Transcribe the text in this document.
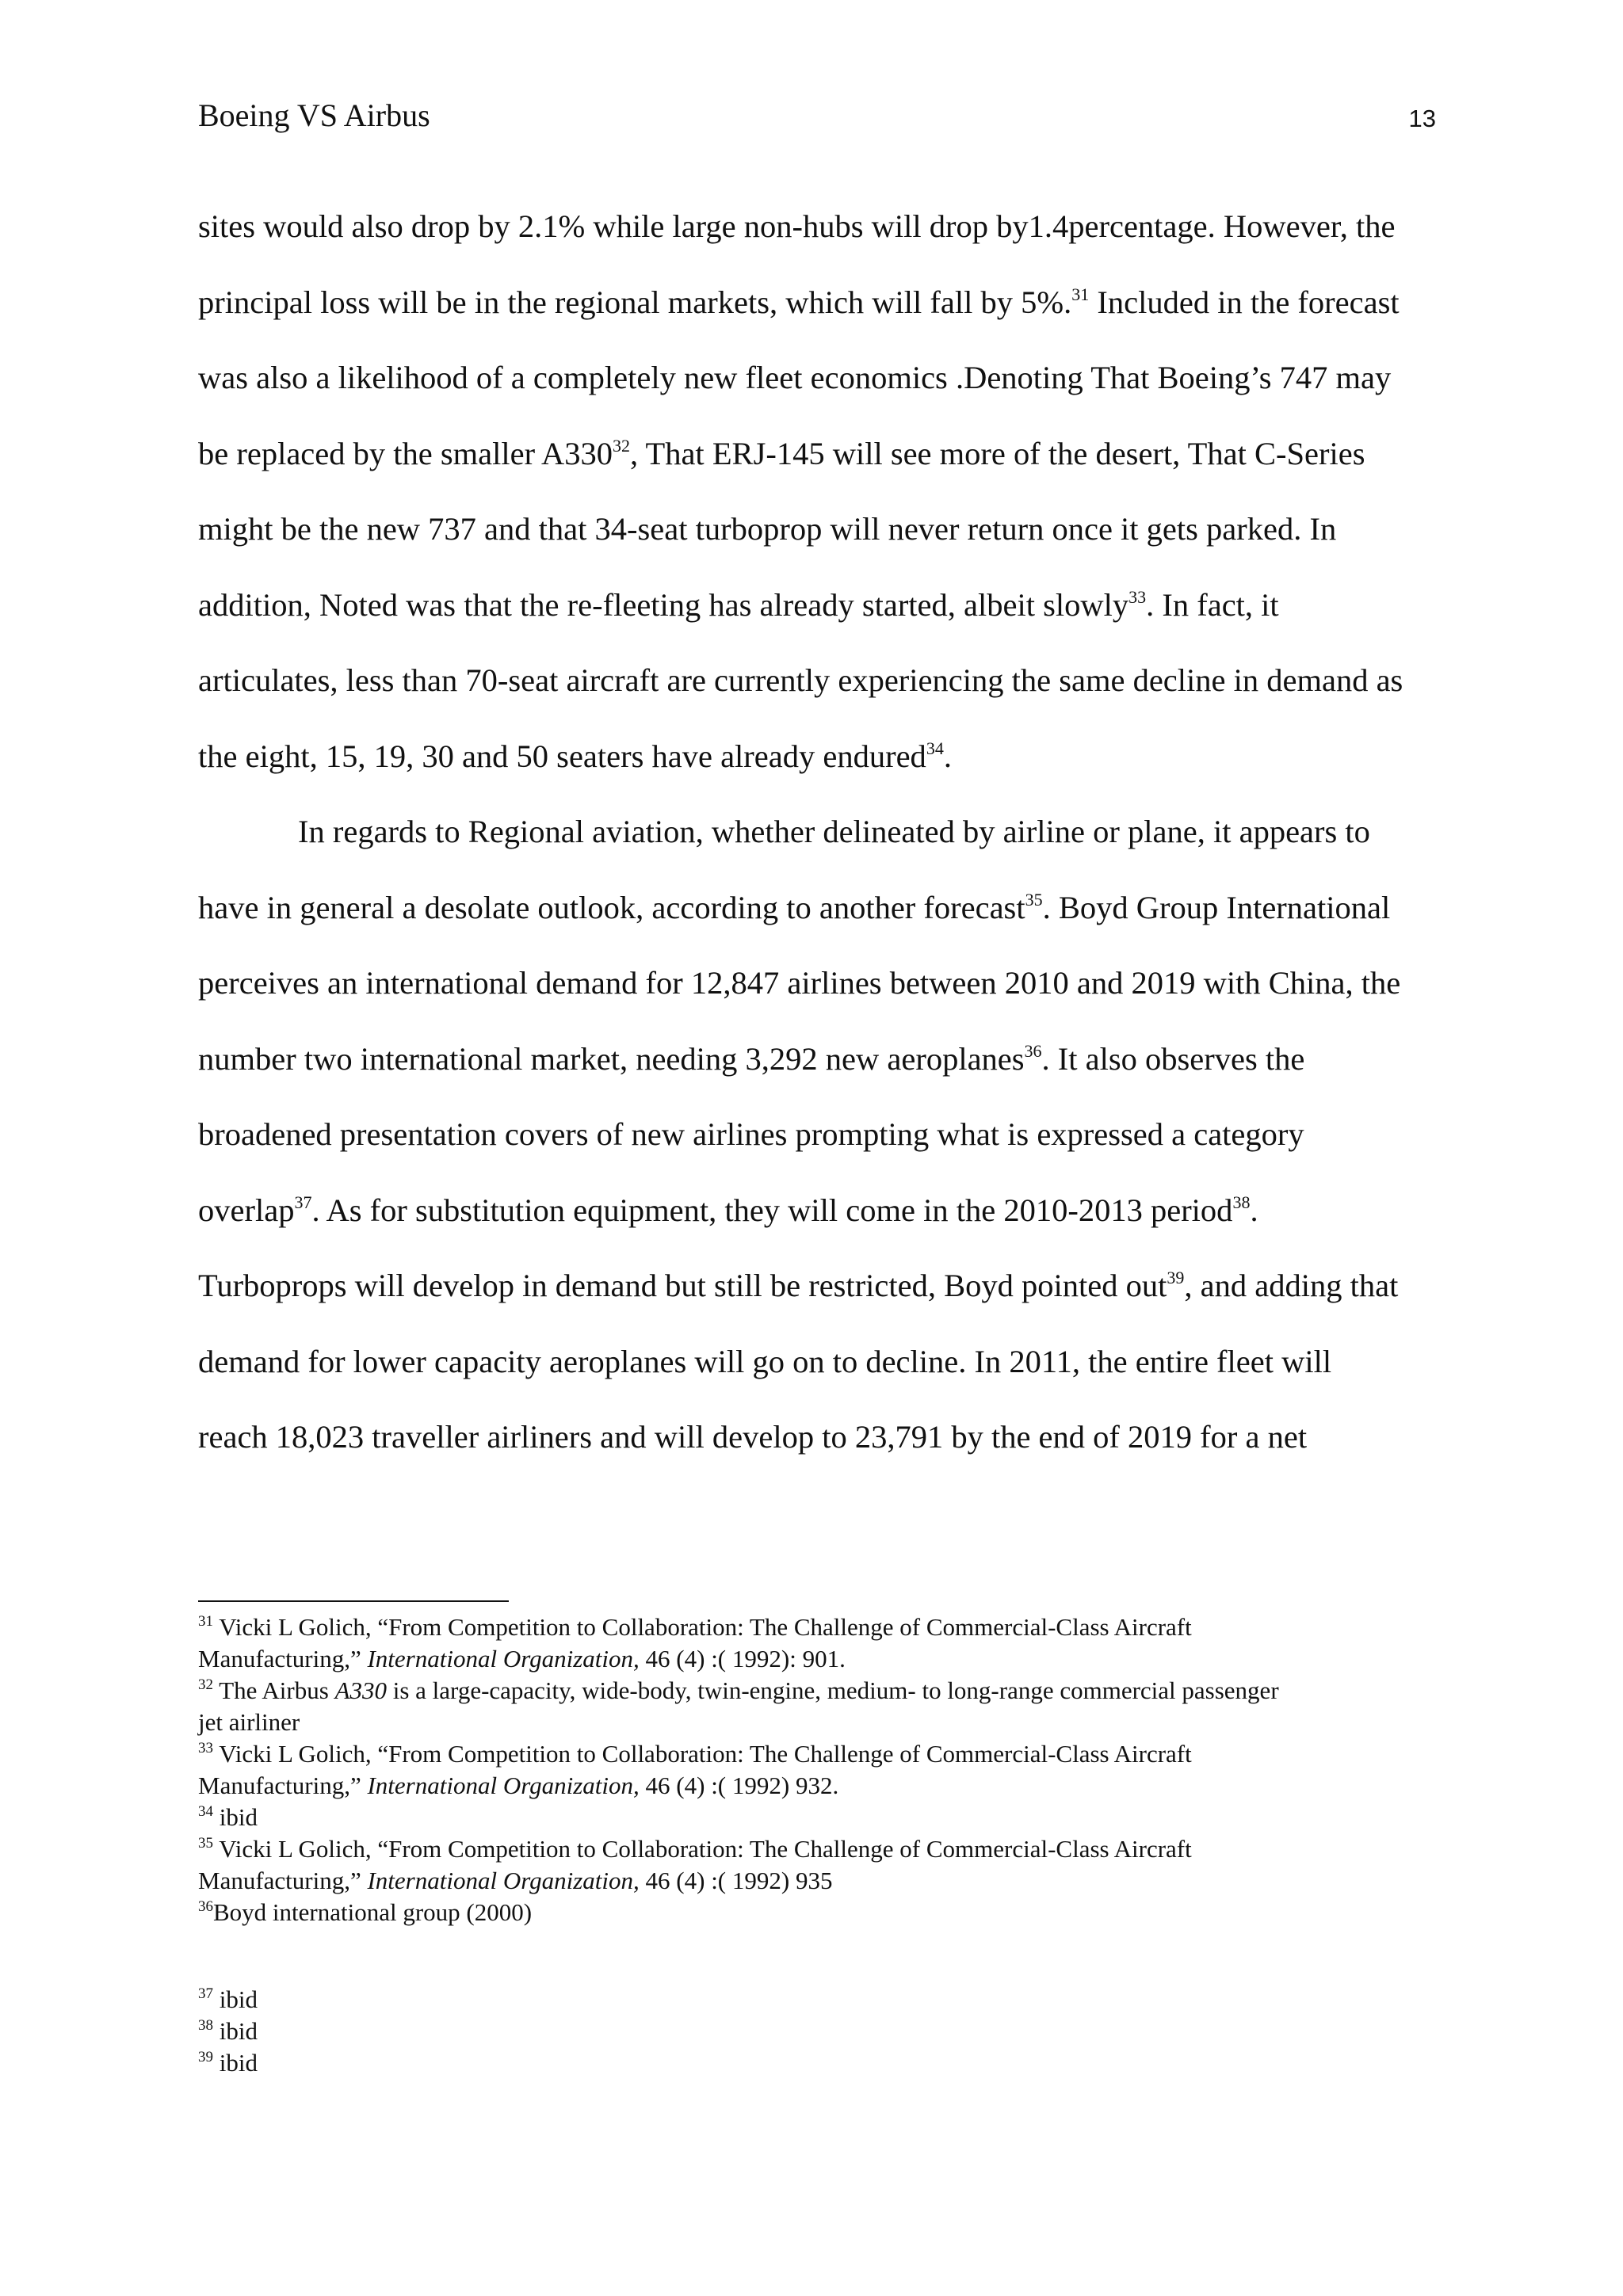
Boeing VS Airbus	13
sites would also drop by 2.1% while large non-hubs will drop by1.4percentage. However, the
principal loss will be in the regional markets, which will fall by 5%.$^{31}$ Included in the forecast
was also a likelihood of a completely new fleet economics .Denoting That Boeing’s 747 may
be replaced by the smaller A330$^{32}$, That ERJ-145 will see more of the desert, That C-Series
might be the new 737 and that 34-seat turboprop will never return once it gets parked. In
addition, Noted was that the re-fleeting has already started, albeit slowly$^{33}$. In fact, it
articulates, less than 70-seat aircraft are currently experiencing the same decline in demand as
the eight, 15, 19, 30 and 50 seaters have already endured$^{34}$.
In regards to Regional aviation, whether delineated by airline or plane, it appears to
have in general a desolate outlook, according to another forecast$^{35}$. Boyd Group International
perceives an international demand for 12,847 airlines between 2010 and 2019 with China, the
number two international market, needing 3,292 new aeroplanes$^{36}$. It also observes the
broadened presentation covers of new airlines prompting what is expressed a category
overlap$^{37}$. As for substitution equipment, they will come in the 2010-2013 period$^{38}$.
Turboprops will develop in demand but still be restricted, Boyd pointed out$^{39}$, and adding that
demand for lower capacity aeroplanes will go on to decline. In 2011, the entire fleet will
reach 18,023 traveller airliners and will develop to 23,791 by the end of 2019 for a net
$^{31}$ Vicki L Golich, “From Competition to Collaboration: The Challenge of Commercial-Class Aircraft
Manufacturing,” International Organization, 46 (4) :( 1992): 901.
$^{32}$ The Airbus A330 is a large-capacity, wide-body, twin-engine, medium- to long-range commercial passenger
jet airliner
$^{33}$ Vicki L Golich, “From Competition to Collaboration: The Challenge of Commercial-Class Aircraft
Manufacturing,” International Organization, 46 (4) :( 1992) 932.
$^{34}$ ibid
$^{35}$ Vicki L Golich, “From Competition to Collaboration: The Challenge of Commercial-Class Aircraft
Manufacturing,” International Organization, 46 (4) :( 1992) 935
$^{36}$Boyd international group (2000)
$^{37}$ ibid
$^{38}$ ibid
$^{39}$ ibid
